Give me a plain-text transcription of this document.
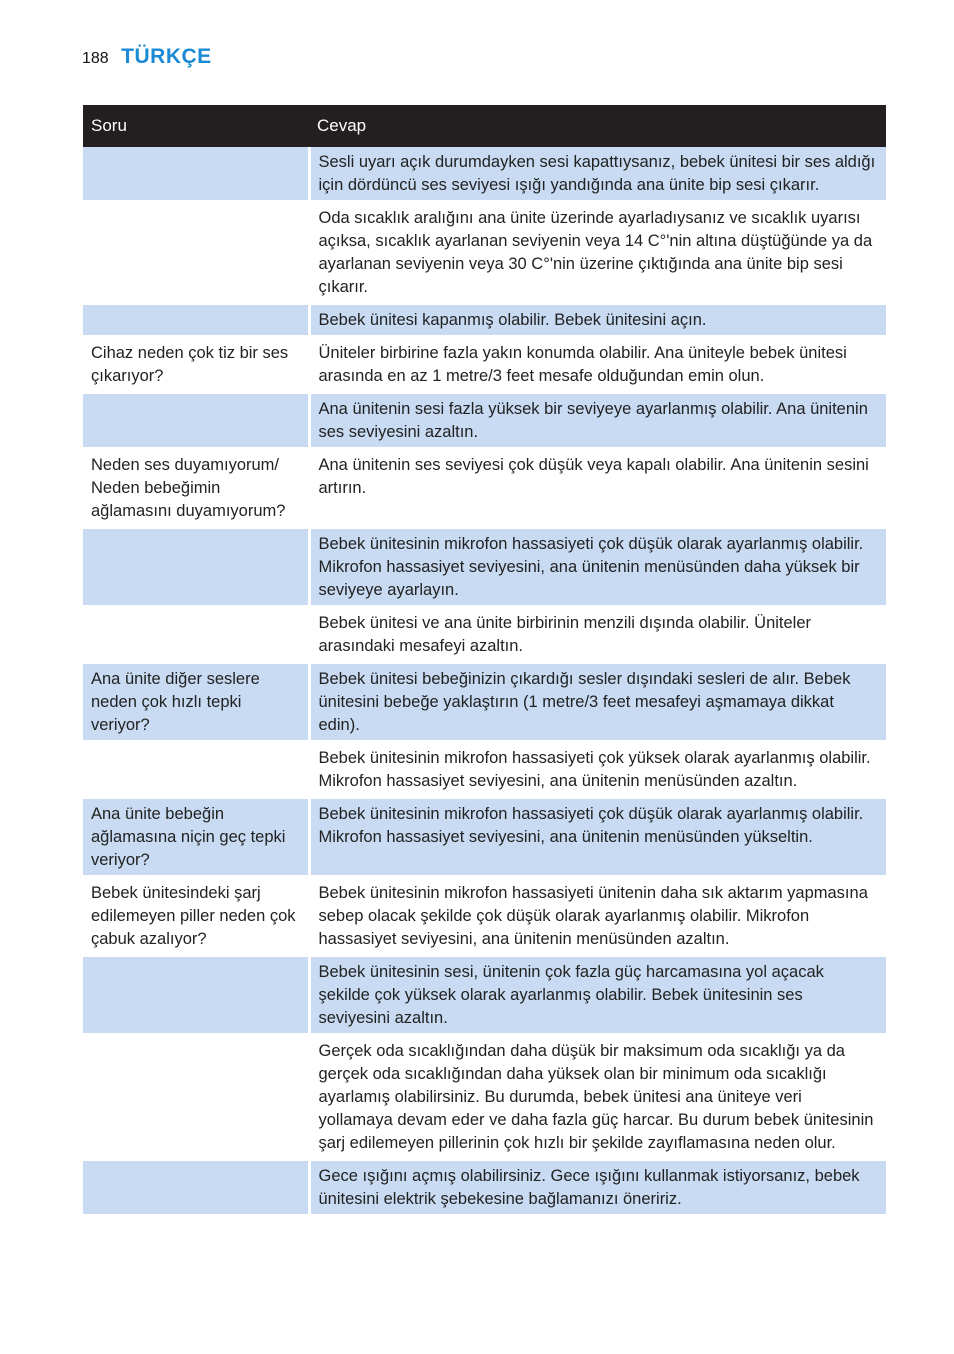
188 TÜRKÇE
Soru	Cevap
	Sesli uyarı açık durumdayken sesi kapattıysanız, bebek ünitesi bir ses aldığı için dördüncü ses seviyesi ışığı yandığında ana ünite bip sesi çıkarır.
	Oda sıcaklık aralığını ana ünite üzerinde ayarladıysanız ve sıcaklık uyarısı açıksa, sıcaklık ayarlanan seviyenin veya 14 C°'nin altına düştüğünde ya da ayarlanan seviyenin veya 30 C°'nin üzerine çıktığında ana ünite bip sesi çıkarır.
	Bebek ünitesi kapanmış olabilir. Bebek ünitesini açın.
Cihaz neden çok tiz bir ses çıkarıyor?	Üniteler birbirine fazla yakın konumda olabilir. Ana üniteyle bebek ünitesi arasında en az 1 metre/3 feet mesafe olduğundan emin olun.
	Ana ünitenin sesi fazla yüksek bir seviyeye ayarlanmış olabilir. Ana ünitenin ses seviyesini azaltın.
Neden ses duyamıyorum/ Neden bebeğimin ağlamasını duyamıyorum?	Ana ünitenin ses seviyesi çok düşük veya kapalı olabilir. Ana ünitenin sesini artırın.
	Bebek ünitesinin mikrofon hassasiyeti çok düşük olarak ayarlanmış olabilir. Mikrofon hassasiyet seviyesini, ana ünitenin menüsünden daha yüksek bir seviyeye ayarlayın.
	Bebek ünitesi ve ana ünite birbirinin menzili dışında olabilir. Üniteler arasındaki mesafeyi azaltın.
Ana ünite diğer seslere neden çok hızlı tepki veriyor?	Bebek ünitesi bebeğinizin çıkardığı sesler dışındaki sesleri de alır. Bebek ünitesini bebeğe yaklaştırın (1 metre/3 feet mesafeyi aşmamaya dikkat edin).
	Bebek ünitesinin mikrofon hassasiyeti çok yüksek olarak ayarlanmış olabilir. Mikrofon hassasiyet seviyesini, ana ünitenin menüsünden azaltın.
Ana ünite bebeğin ağlamasına niçin geç tepki veriyor?	Bebek ünitesinin mikrofon hassasiyeti çok düşük olarak ayarlanmış olabilir. Mikrofon hassasiyet seviyesini, ana ünitenin menüsünden yükseltin.
Bebek ünitesindeki şarj edilemeyen piller neden çok çabuk azalıyor?	Bebek ünitesinin mikrofon hassasiyeti ünitenin daha sık aktarım yapmasına sebep olacak şekilde çok düşük olarak ayarlanmış olabilir. Mikrofon hassasiyet seviyesini, ana ünitenin menüsünden azaltın.
	Bebek ünitesinin sesi, ünitenin çok fazla güç harcamasına yol açacak şekilde çok yüksek olarak ayarlanmış olabilir. Bebek ünitesinin ses seviyesini azaltın.
	Gerçek oda sıcaklığından daha düşük bir maksimum oda sıcaklığı ya da gerçek oda sıcaklığından daha yüksek olan bir minimum oda sıcaklığı ayarlamış olabilirsiniz. Bu durumda, bebek ünitesi ana üniteye veri yollamaya devam eder ve daha fazla güç harcar. Bu durum bebek ünitesinin şarj edilemeyen pillerinin çok hızlı bir şekilde zayıflamasına neden olur.
	Gece ışığını açmış olabilirsiniz. Gece ışığını kullanmak istiyorsanız, bebek ünitesini elektrik şebekesine bağlamanızı öneririz.
